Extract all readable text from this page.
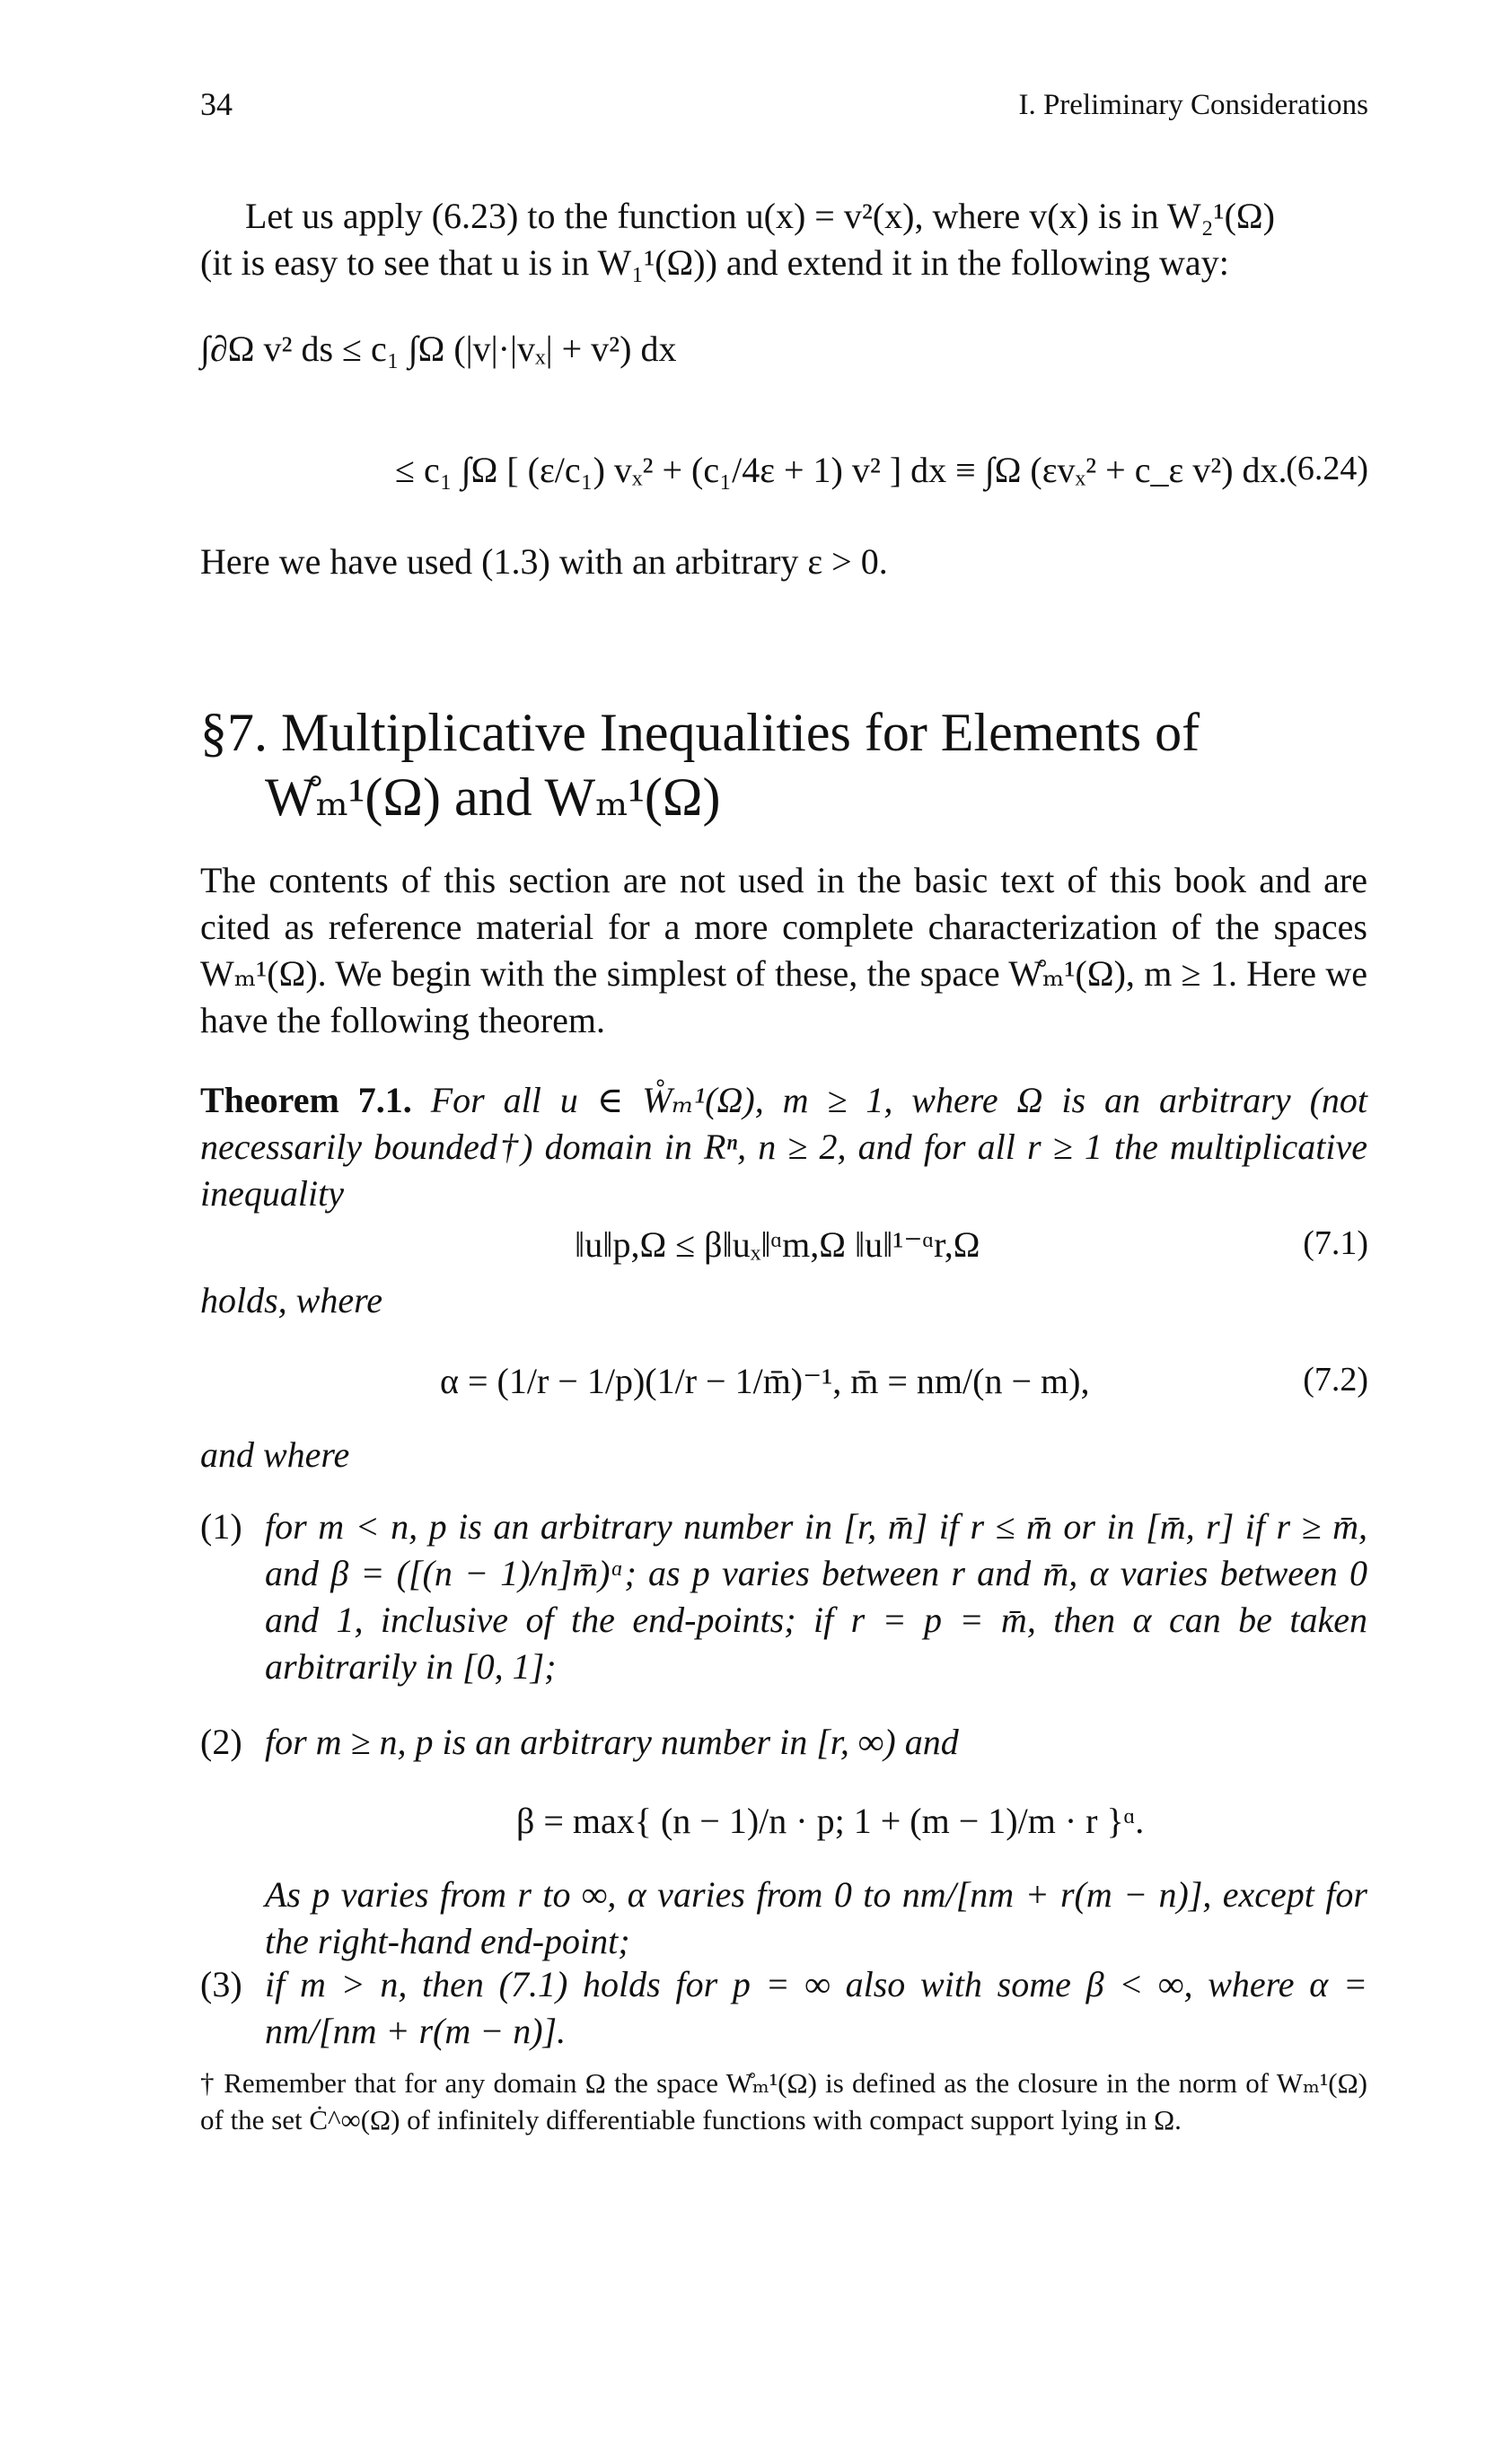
34	I. Preliminary Considerations
Let us apply (6.23) to the function u(x) = v²(x), where v(x) is in W₂¹(Ω)
(it is easy to see that u is in W₁¹(Ω)) and extend it in the following way:
∫∂Ω v² ds ≤ c₁ ∫Ω (|v|·|vₓ| + v²) dx
≤ c₁ ∫Ω [ (ε/c₁) vₓ² + (c₁/4ε + 1) v² ] dx ≡ ∫Ω (εvₓ² + c_ε v²) dx.
(6.24)
Here we have used (1.3) with an arbitrary ε > 0.
§7. Multiplicative Inequalities for Elements of
W̊ₘ¹(Ω) and Wₘ¹(Ω)
The contents of this section are not used in the basic text of this book and are cited as reference material for a more complete characterization of the spaces Wₘ¹(Ω). We begin with the simplest of these, the space W̊ₘ¹(Ω), m ≥ 1. Here we have the following theorem.
Theorem 7.1. For all u ∈ W̊ₘ¹(Ω), m ≥ 1, where Ω is an arbitrary (not necessarily bounded†) domain in Rⁿ, n ≥ 2, and for all r ≥ 1 the multiplicative inequality
‖u‖p,Ω ≤ β‖uₓ‖ᵅm,Ω ‖u‖¹⁻ᵅr,Ω	(7.1)
holds, where
α = (1/r − 1/p)(1/r − 1/m̄)⁻¹, m̄ = nm/(n − m),	(7.2)
and where
(1) for m < n, p is an arbitrary number in [r, m̄] if r ≤ m̄ or in [m̄, r] if r ≥ m̄, and β = ([(n − 1)/n]m̄)ᵅ; as p varies between r and m̄, α varies between 0 and 1, inclusive of the end-points; if r = p = m̄, then α can be taken arbitrarily in [0, 1];
(2) for m ≥ n, p is an arbitrary number in [r, ∞) and
β = max{ (n − 1)/n · p; 1 + (m − 1)/m · r }ᵅ.
As p varies from r to ∞, α varies from 0 to nm/[nm + r(m − n)], except for the right-hand end-point;
(3) if m > n, then (7.1) holds for p = ∞ also with some β < ∞, where α = nm/[nm + r(m − n)].
† Remember that for any domain Ω the space W̊ₘ¹(Ω) is defined as the closure in the norm of Wₘ¹(Ω) of the set Ċ^∞(Ω) of infinitely differentiable functions with compact support lying in Ω.
